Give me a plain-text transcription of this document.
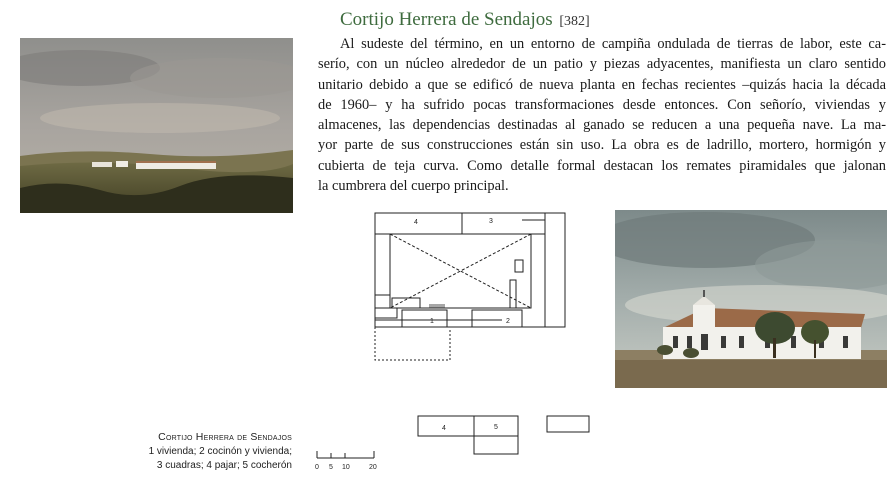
Cortijo Herrera de Sendajos [382]

Al sudeste del término, en un entorno de campiña ondulada de tierras de labor, este ca-
serío, con un núcleo alrededor de un patio y piezas adyacentes, manifiesta un claro sentido
unitario debido a que se edificó de nueva planta en fechas recientes –quizás hacia la década
de 1960– y ha sufrido pocas transformaciones desde entonces. Con señorío, viviendas y
almacenes, las dependencias destinadas al ganado se reducen a una pequeña nave. La ma-
yor parte de sus construcciones están sin uso. La obra es de ladrillo, mortero, hormigón y
cubierta de teja curva. Como detalle formal destacan los remates piramidales que jalonan
la cumbrera del cuerpo principal.

4	3
1	2
4	5
0 5 10	20
Cortijo Herrera de Sendajos
1 vivienda; 2 cocinón y vivienda;
3 cuadras; 4 pajar; 5 cocherón
